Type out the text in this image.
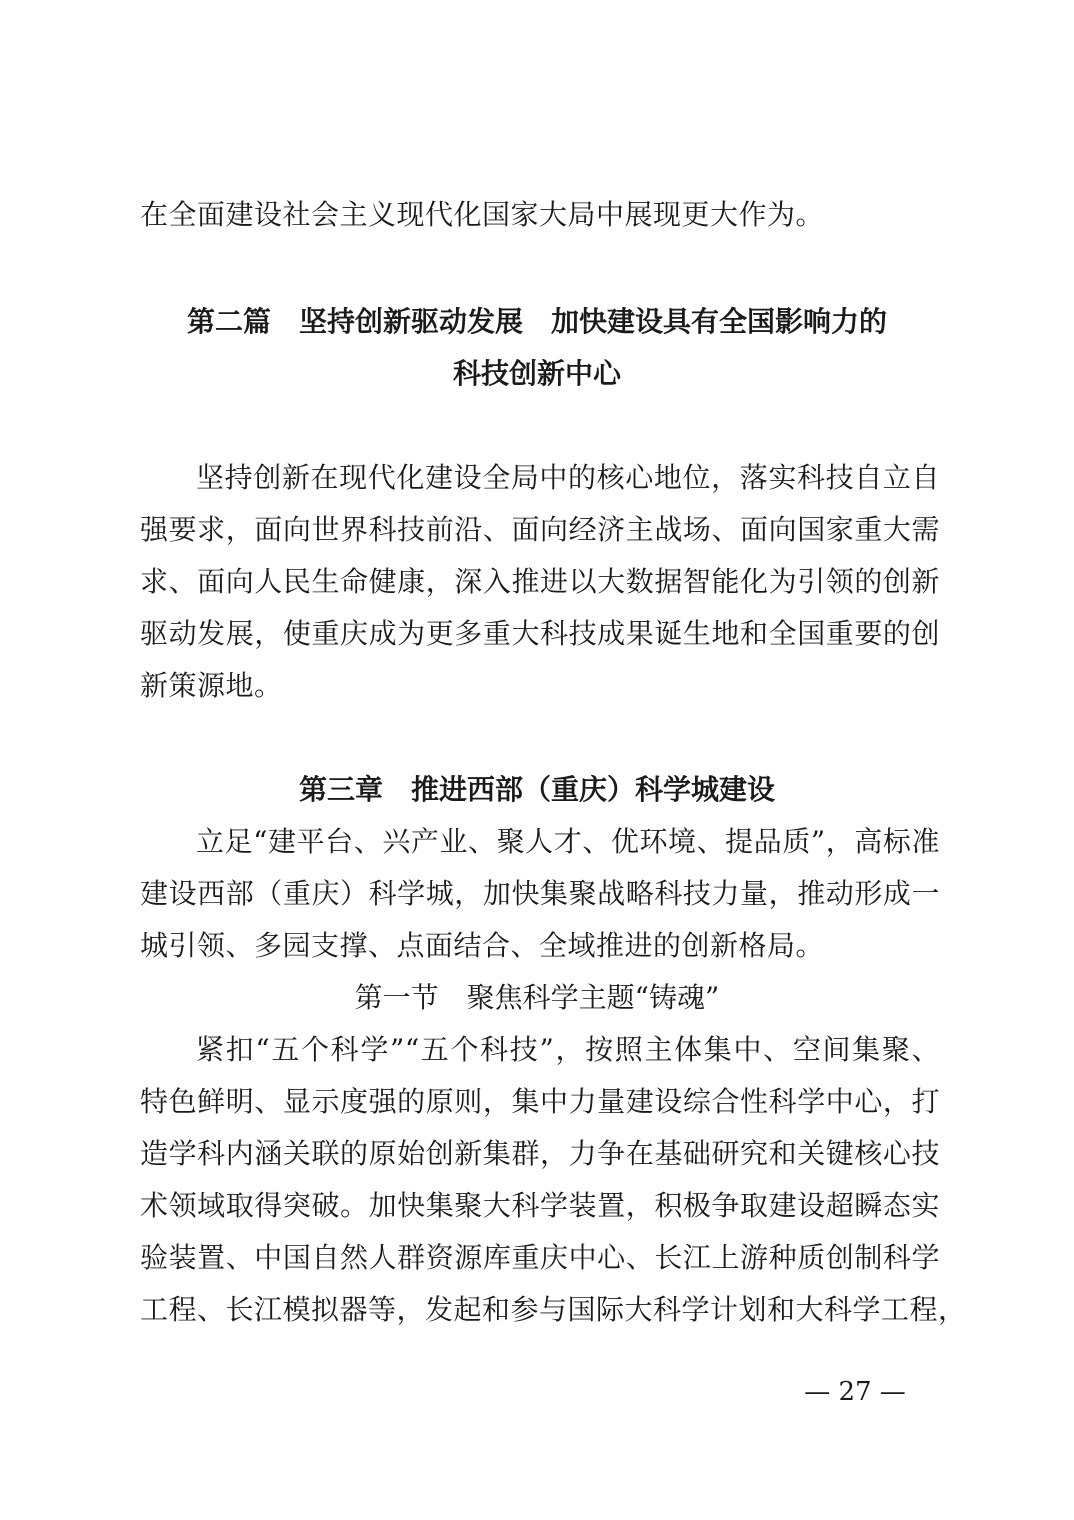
在全面建设社会主义现代化国家大局中展现更大作为。
第二篇　坚持创新驱动发展　加快建设具有全国影响力的
科技创新中心
坚持创新在现代化建设全局中的核心地位，落实科技自立自
强要求，面向世界科技前沿、面向经济主战场、面向国家重大需
求、面向人民生命健康，深入推进以大数据智能化为引领的创新
驱动发展，使重庆成为更多重大科技成果诞生地和全国重要的创
新策源地。
第三章　推进西部（重庆）科学城建设
立足“建平台、兴产业、聚人才、优环境、提品质”，高标准
建设西部（重庆）科学城，加快集聚战略科技力量，推动形成一
城引领、多园支撑、点面结合、全域推进的创新格局。
第一节　聚焦科学主题“铸魂”
紧扣“五个科学”“五个科技”，按照主体集中、空间集聚、
特色鲜明、显示度强的原则，集中力量建设综合性科学中心，打
造学科内涵关联的原始创新集群，力争在基础研究和关键核心技
术领域取得突破。加快集聚大科学装置，积极争取建设超瞬态实
验装置、中国自然人群资源库重庆中心、长江上游种质创制科学
工程、长江模拟器等，发起和参与国际大科学计划和大科学工程，
— 27 —
